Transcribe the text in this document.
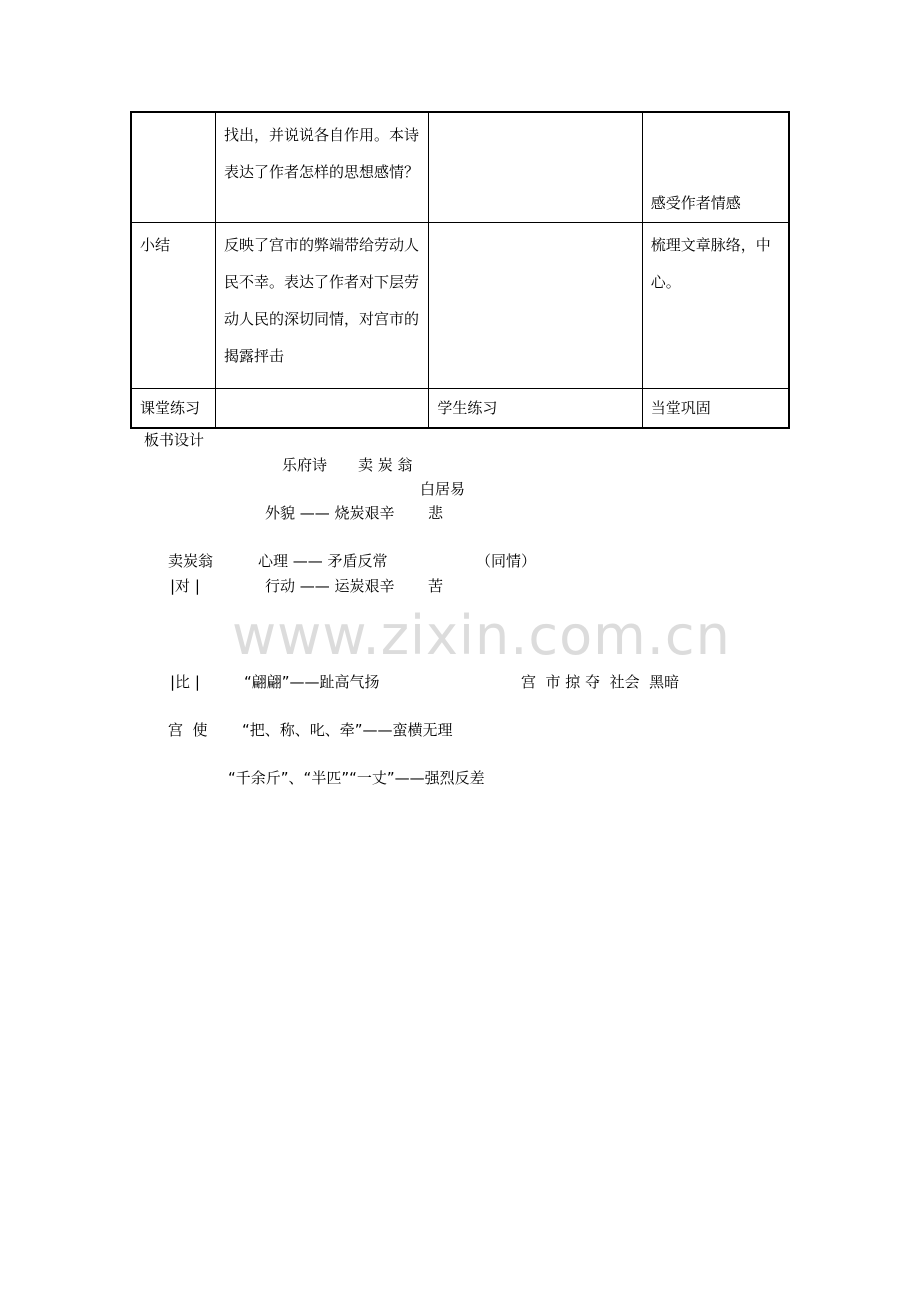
	找出，并说说各自作用。本诗表达了作者怎样的思想感情？		感受作者情感
小结	反映了宫市的弊端带给劳动人民不幸。表达了作者对下层劳动人民的深切同情，对宫市的揭露抨击		梳理文章脉络，中心。
课堂练习		学生练习	当堂巩固
板书设计
乐府诗 卖 炭 翁
白居易
外貌 —— 烧炭艰辛 悲
卖炭翁	心理 —— 矛盾反常	（同情）
|对 |	行动 —— 运炭艰辛 苦
www.zixin.com.cn
|比 |	“翩翩”——趾高气扬	宫  市 掠 夺  社会  黑暗
宫  使 “把、称、叱、牵”——蛮横无理
“千余斤”、“半匹”“一丈”——强烈反差
